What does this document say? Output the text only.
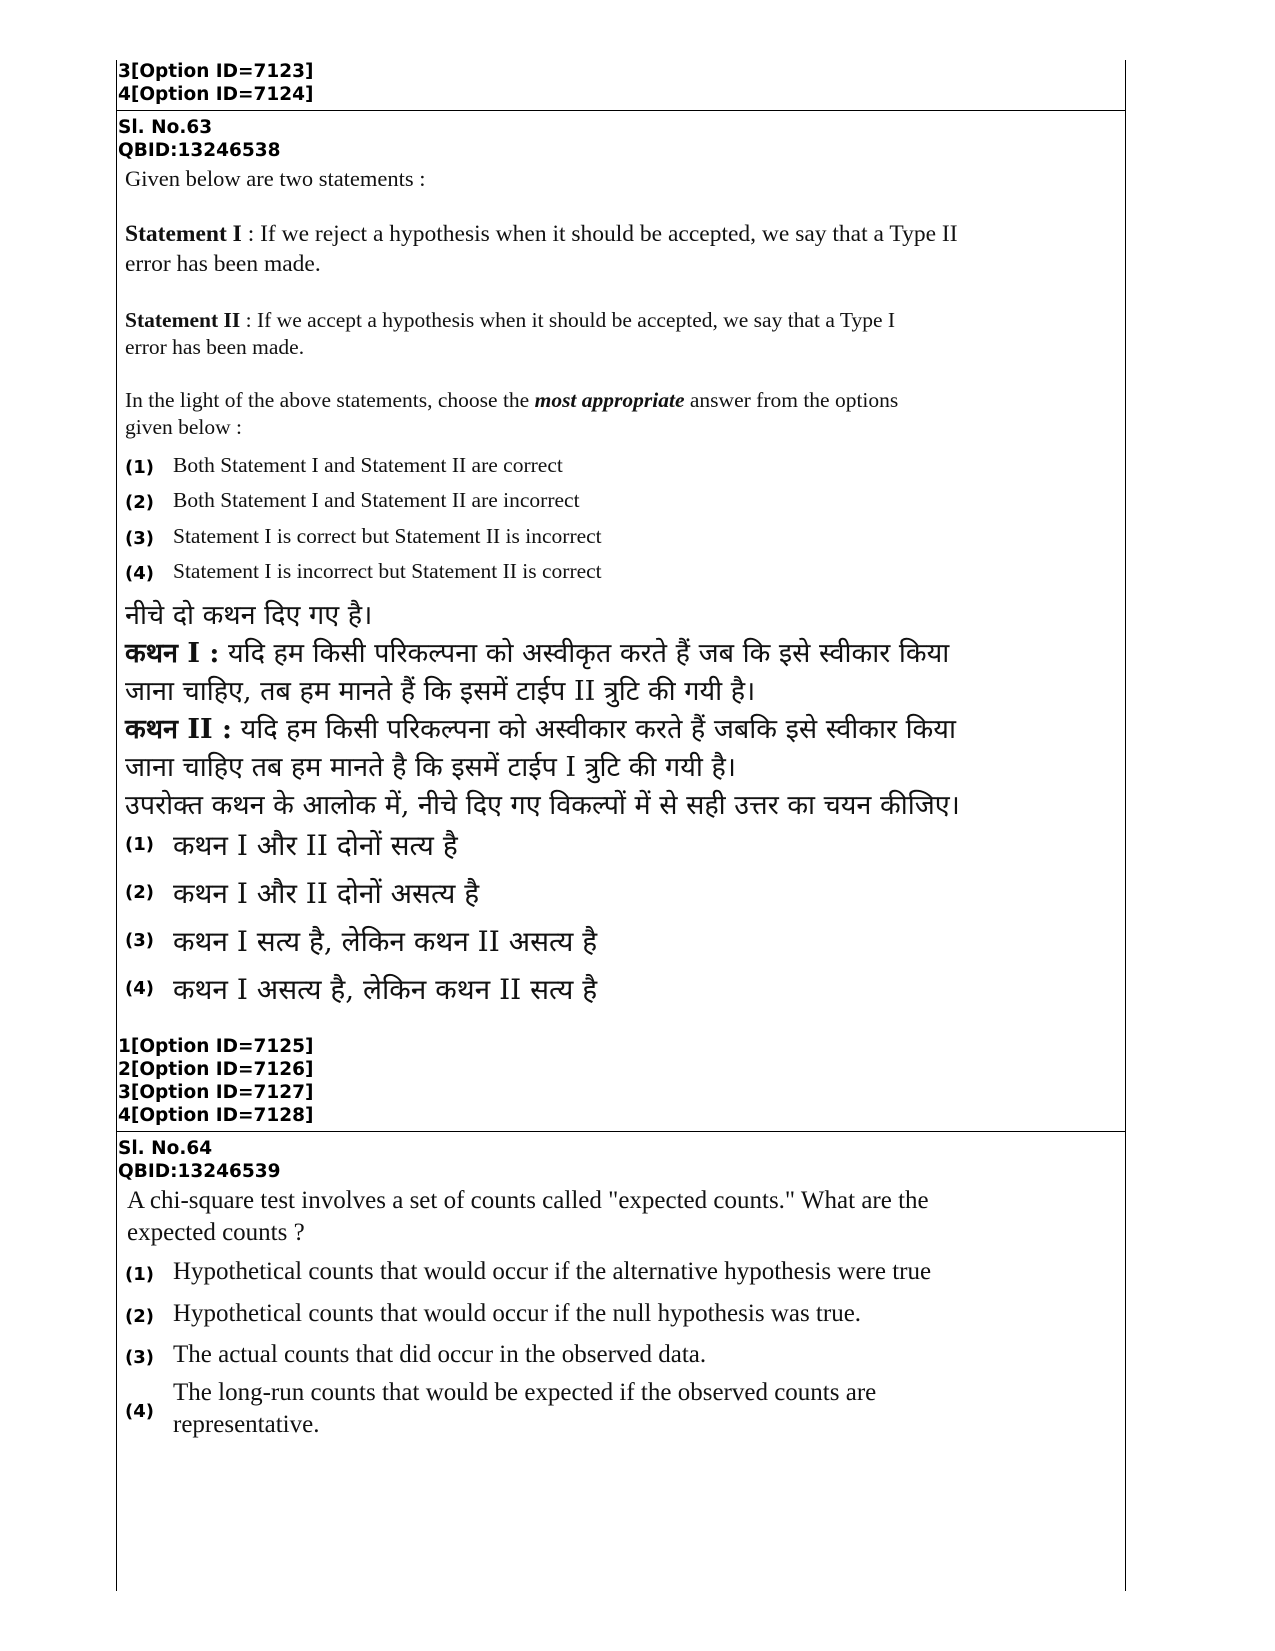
3[Option ID=7123]
4[Option ID=7124]
Sl. No.63
QBID:13246538
Given below are two statements :
Statement I : If we reject a hypothesis when it should be accepted, we say that a Type II
error has been made.
Statement II : If we accept a hypothesis when it should be accepted, we say that a Type I
error has been made.
In the light of the above statements, choose the most appropriate answer from the options
given below :
(1) Both Statement I and Statement II are correct
(2) Both Statement I and Statement II are incorrect
(3) Statement I is correct but Statement II is incorrect
(4) Statement I is incorrect but Statement II is correct
नीचे दो कथन दिए गए है।
कथन I : यदि हम किसी परिकल्पना को अस्वीकृत करते हैं जब कि इसे स्वीकार किया
जाना चाहिए, तब हम मानते हैं कि इसमें टाईप II त्रुटि की गयी है।
कथन II : यदि हम किसी परिकल्पना को अस्वीकार करते हैं जबकि इसे स्वीकार किया
जाना चाहिए तब हम मानते है कि इसमें टाईप I त्रुटि की गयी है।
उपरोक्त कथन के आलोक में, नीचे दिए गए विकल्पों में से सही उत्तर का चयन कीजिए।
(1) कथन I और II दोनों सत्य है
(2) कथन I और II दोनों असत्य है
(3) कथन I सत्य है, लेकिन कथन II असत्य है
(4) कथन I असत्य है, लेकिन कथन II सत्य है
1[Option ID=7125]
2[Option ID=7126]
3[Option ID=7127]
4[Option ID=7128]
Sl. No.64
QBID:13246539
A chi-square test involves a set of counts called "expected counts." What are the
expected counts ?
(1) Hypothetical counts that would occur if the alternative hypothesis were true
(2) Hypothetical counts that would occur if the null hypothesis was true.
(3) The actual counts that did occur in the observed data.
(4)
The long-run counts that would be expected if the observed counts are
representative.
